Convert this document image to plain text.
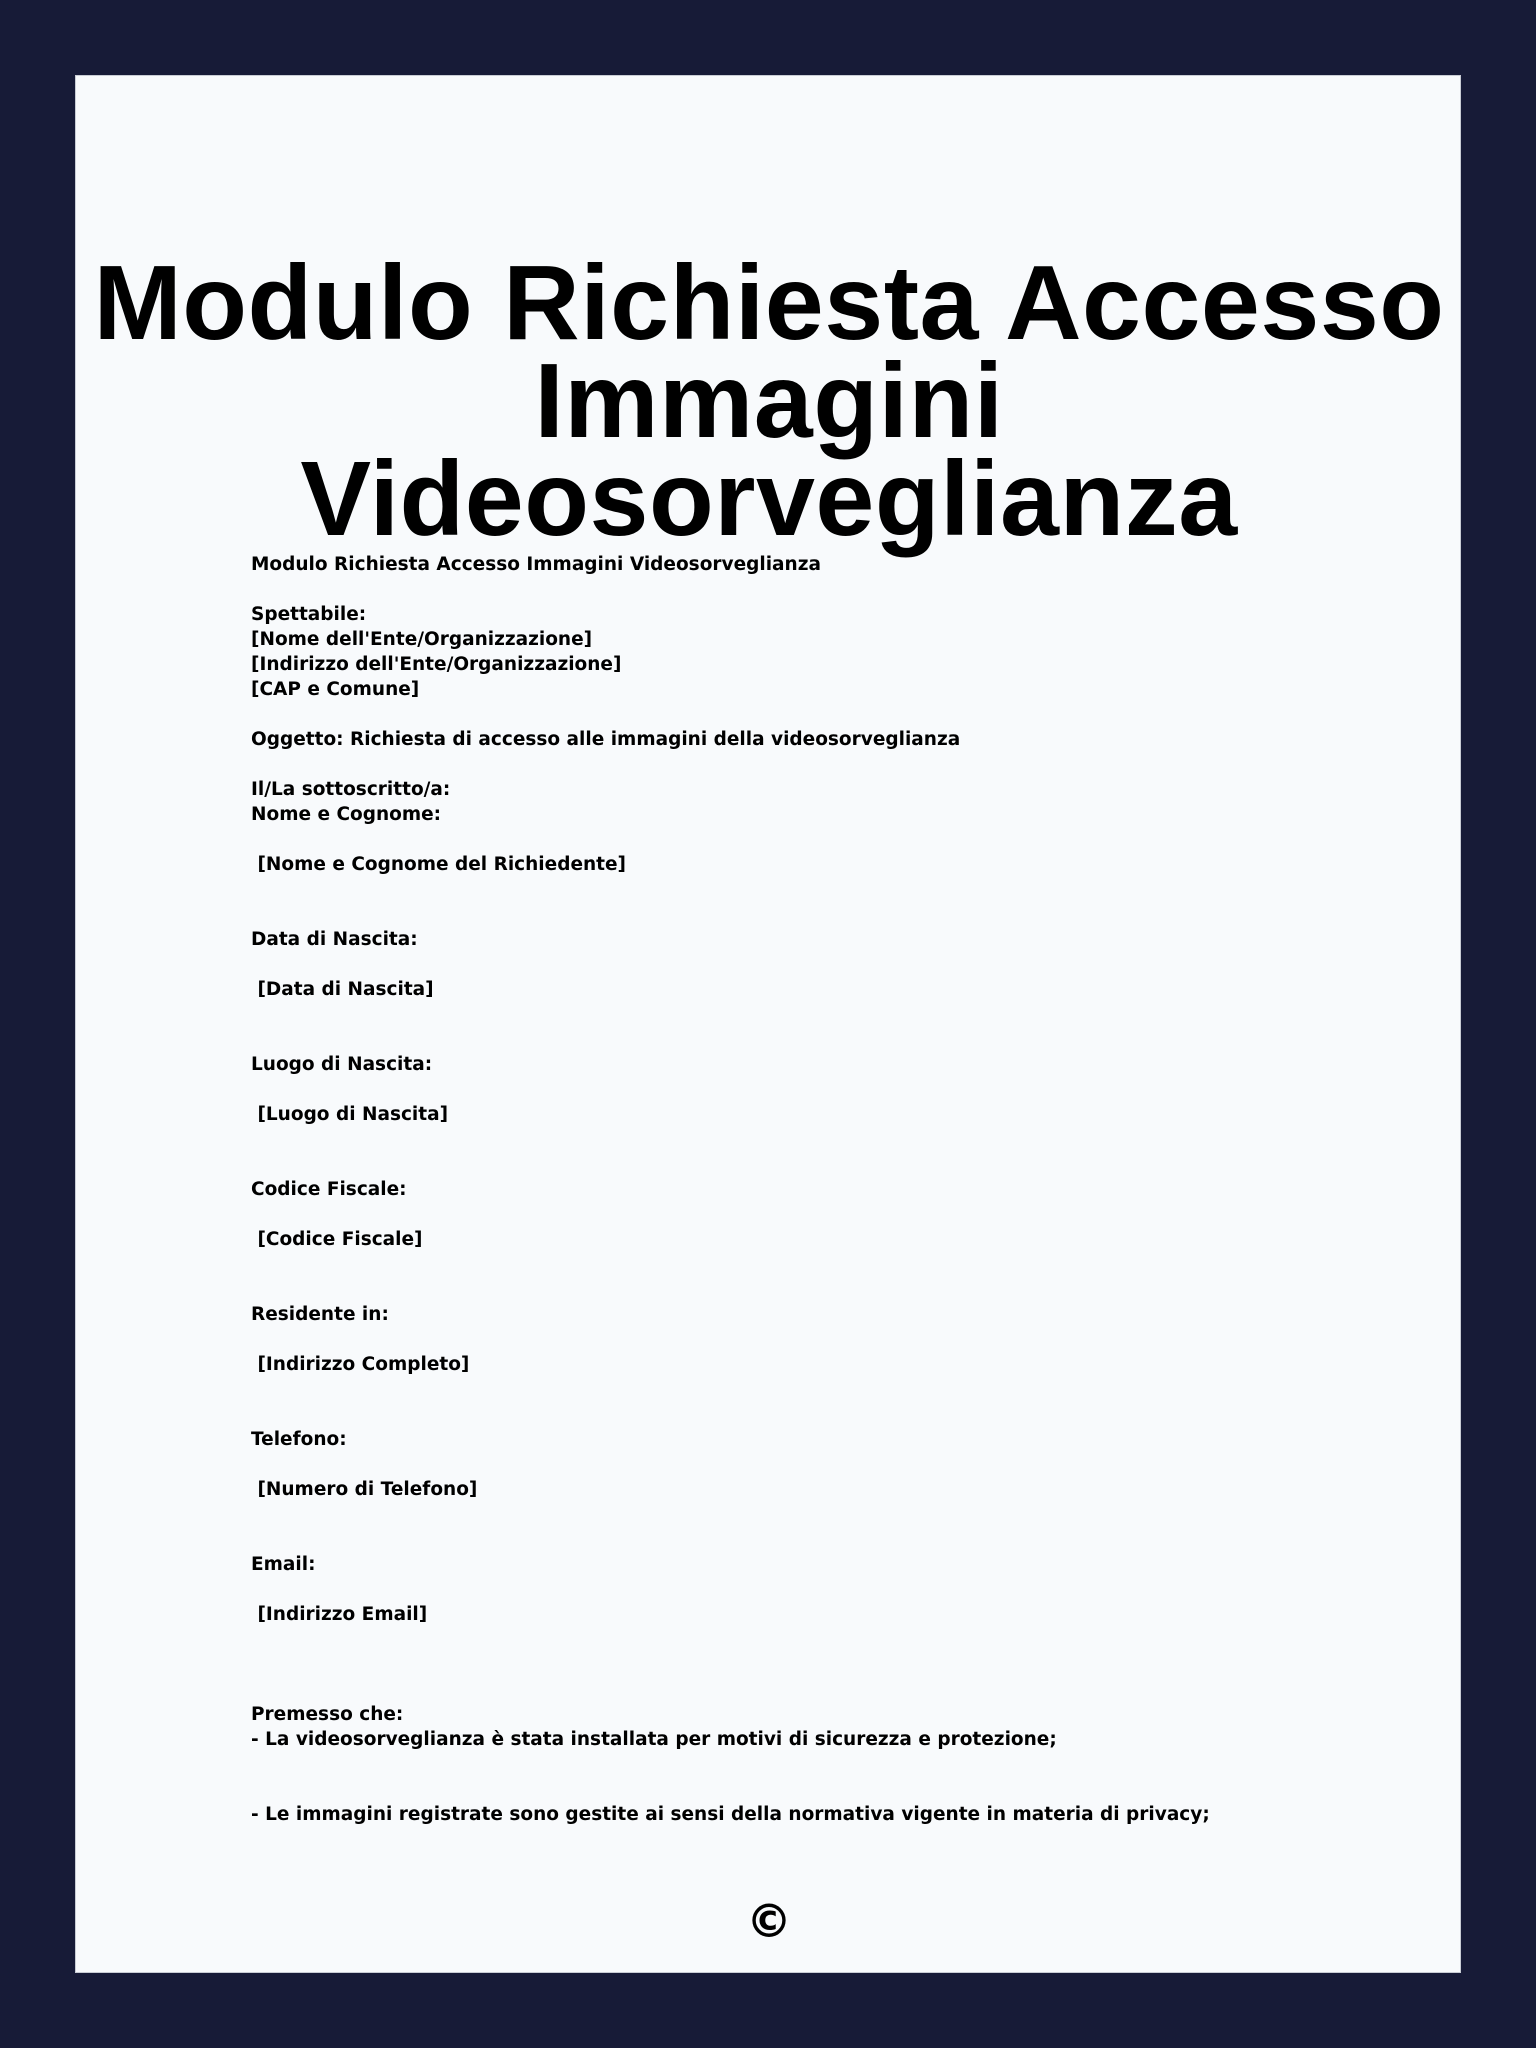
Modulo Richiesta Accesso
Immagini Videosorveglianza
Modulo Richiesta Accesso Immagini Videosorveglianza
Spettabile:
[Nome dell'Ente/Organizzazione]
[Indirizzo dell'Ente/Organizzazione]
[CAP e Comune]
Oggetto: Richiesta di accesso alle immagini della videosorveglianza
Il/La sottoscritto/a:
Nome e Cognome:
[Nome e Cognome del Richiedente]
Data di Nascita:
[Data di Nascita]
Luogo di Nascita:
[Luogo di Nascita]
Codice Fiscale:
[Codice Fiscale]
Residente in:
[Indirizzo Completo]
Telefono:
[Numero di Telefono]
Email:
[Indirizzo Email]
Premesso che:
- La videosorveglianza è stata installata per motivi di sicurezza e protezione;
- Le immagini registrate sono gestite ai sensi della normativa vigente in materia di privacy;
©
